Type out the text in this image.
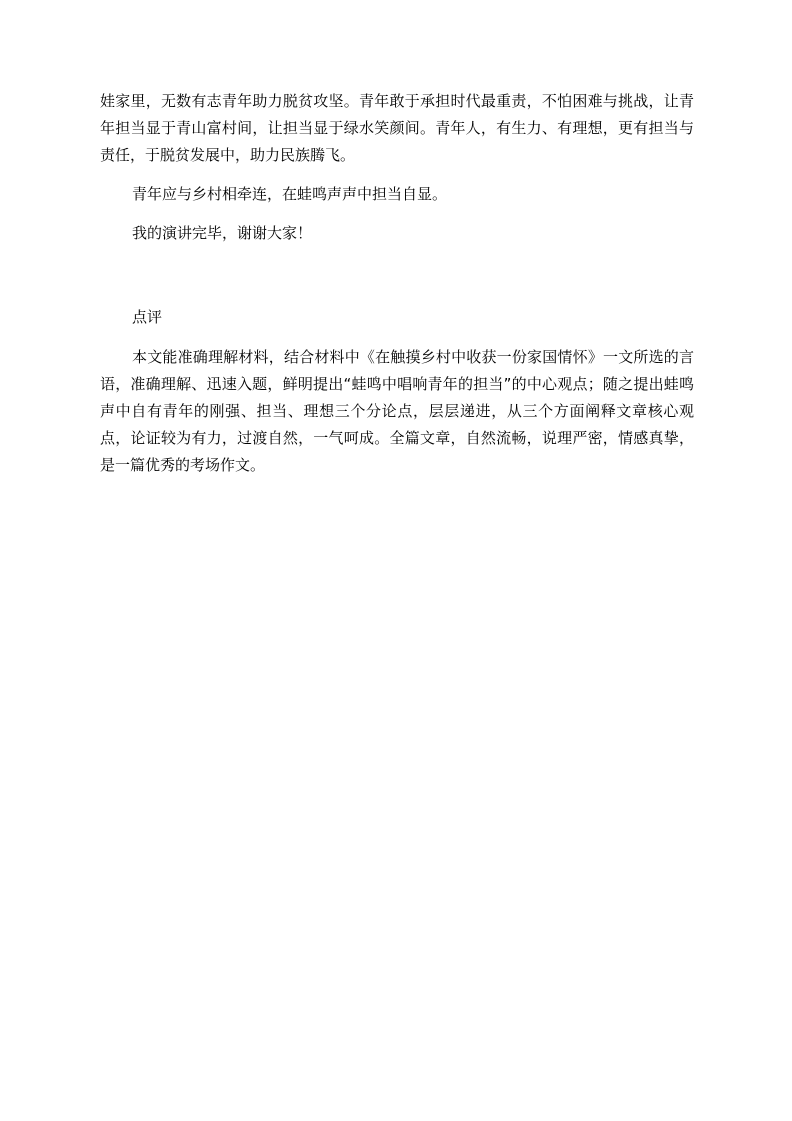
娃家里，无数有志青年助力脱贫攻坚。青年敢于承担时代最重责，不怕困难与挑战，让青年担当显于青山富村间，让担当显于绿水笑颜间。青年人，有生力、有理想，更有担当与责任，于脱贫发展中，助力民族腾飞。

青年应与乡村相牵连，在蛙鸣声声中担当自显。

我的演讲完毕，谢谢大家！

点评

本文能准确理解材料，结合材料中《在触摸乡村中收获一份家国情怀》一文所选的言语，准确理解、迅速入题，鲜明提出“蛙鸣中唱响青年的担当”的中心观点；随之提出蛙鸣声中自有青年的刚强、担当、理想三个分论点，层层递进，从三个方面阐释文章核心观点，论证较为有力，过渡自然，一气呵成。全篇文章，自然流畅，说理严密，情感真挚，是一篇优秀的考场作文。
